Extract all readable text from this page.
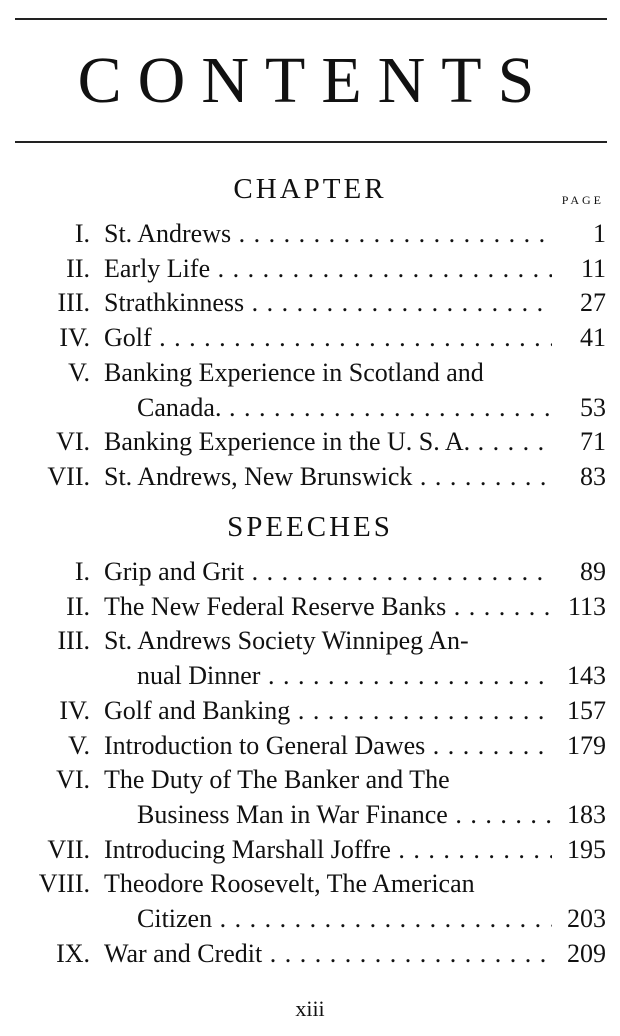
CONTENTS
CHAPTER	PAGE
I. St. Andrews . .	1
II. Early Life . .	11
III. Strathkinness . .	27
IV. Golf . .	41
V. Banking Experience in Scotland and
Canada. . .	53
VI. Banking Experience in the U. S. A. . .	71
VII. St. Andrews, New Brunswick . .	83
SPEECHES
I. Grip and Grit . .	89
II. The New Federal Reserve Banks . .	113
III. St. Andrews Society Winnipeg An-
nual Dinner . .	143
IV. Golf and Banking . .	157
V. Introduction to General Dawes . .	179
VI. The Duty of The Banker and The
Business Man in War Finance . .	183
VII. Introducing Marshall Joffre . .	195
VIII. Theodore Roosevelt, The American
Citizen . .	203
IX. War and Credit . .	209
xiii
